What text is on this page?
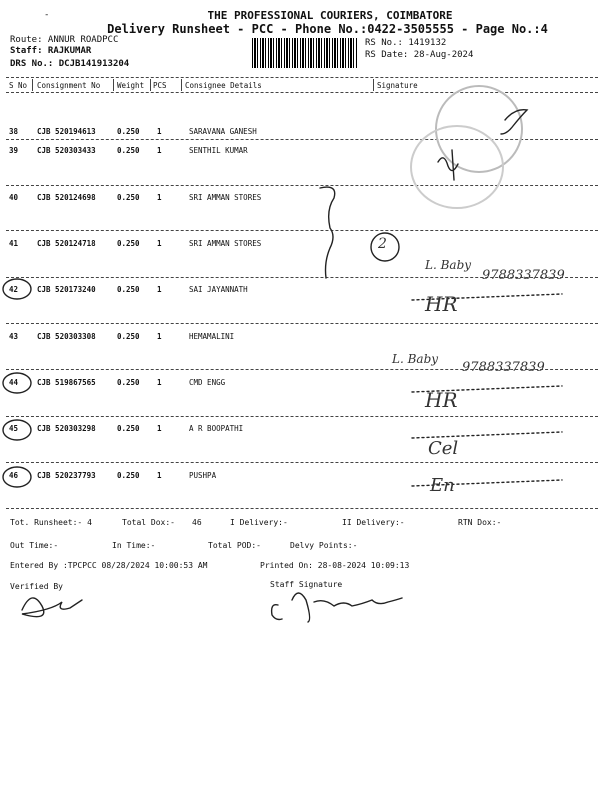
-	THE PROFESSIONAL COURIERS, COIMBATORE
Delivery Runsheet - PCC - Phone No.:0422-3505555 - Page No.:4
Route: ANNUR ROADPCC
Staff: RAJKUMAR
DRS No.: DCJB141913204
RS No.: 1419132
RS Date: 28-Aug-2024
S No Consignment No Weight PCS Consignee Details	Signature
38	CJB 520194613	0.250 1	SARAVANA GANESH
39	CJB 520303433	0.250 1	SENTHIL KUMAR
40	CJB 520124698	0.250 1	SRI AMMAN STORES
41	CJB 520124718	0.250 1	SRI AMMAN STORES
42	CJB 520173240	0.250 1	SAI JAYANNATH
43	CJB 520303308	0.250 1	HEMAMALINI
44	CJB 519867565	0.250 1	CMD ENGG
45	CJB 520303298	0.250 1	A R BOOPATHI
46	CJB 520237793	0.250 1	PUSHPA
Tot. Runsheet:- 4	Total Dox:- 46	I Delivery:-	II Delivery:-	RTN Dox:-
Out Time:-	In Time:-	Total POD:-	Delvy Points:-
Entered By :TPCPCC 08/28/2024 10:00:53 AM	Printed On: 28-08-2024 10:09:13
Verified By	Staff Signature
2
L. Baby
9788337839
HR
L. Baby
9788337839
HR
Cel
En
